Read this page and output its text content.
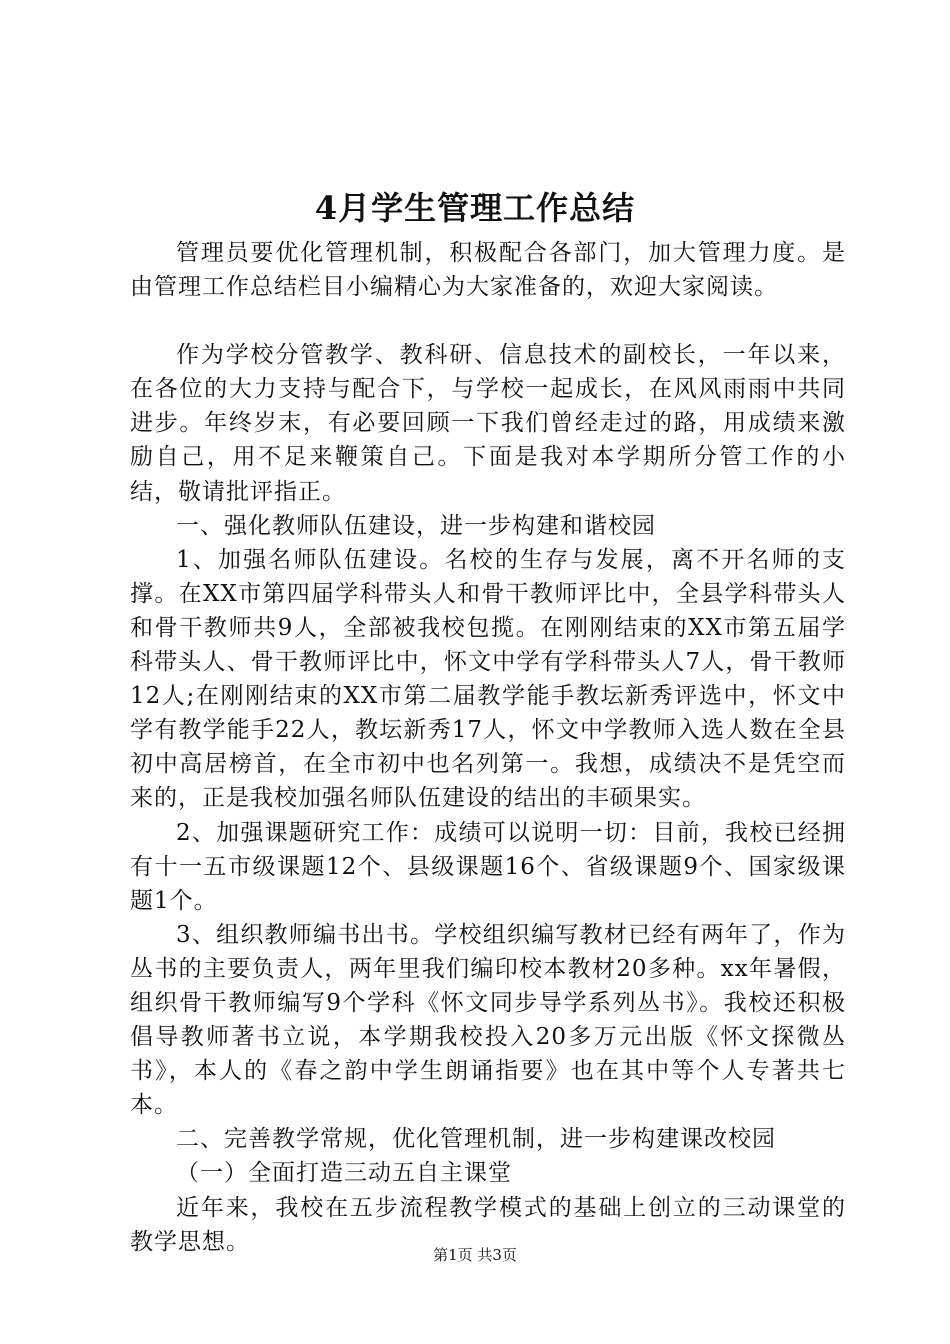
4月学生管理工作总结

管理员要优化管理机制，积极配合各部门，加大管理力度。是由管理工作总结栏目小编精心为大家准备的，欢迎大家阅读。

作为学校分管教学、教科研、信息技术的副校长，一年以来，在各位的大力支持与配合下，与学校一起成长，在风风雨雨中共同进步。年终岁末，有必要回顾一下我们曾经走过的路，用成绩来激励自己，用不足来鞭策自己。下面是我对本学期所分管工作的小结，敬请批评指正。

一、强化教师队伍建设，进一步构建和谐校园

1、加强名师队伍建设。名校的生存与发展，离不开名师的支撑。在XX市第四届学科带头人和骨干教师评比中，全县学科带头人和骨干教师共9人，全部被我校包揽。在刚刚结束的XX市第五届学科带头人、骨干教师评比中，怀文中学有学科带头人7人，骨干教师12人;在刚刚结束的XX市第二届教学能手教坛新秀评选中，怀文中学有教学能手22人，教坛新秀17人，怀文中学教师入选人数在全县初中高居榜首，在全市初中也名列第一。我想，成绩决不是凭空而来的，正是我校加强名师队伍建设的结出的丰硕果实。

2、加强课题研究工作：成绩可以说明一切：目前，我校已经拥有十一五市级课题12个、县级课题16个、省级课题9个、国家级课题1个。

3、组织教师编书出书。学校组织编写教材已经有两年了，作为丛书的主要负责人，两年里我们编印校本教材20多种。xx年暑假，组织骨干教师编写9个学科《怀文同步导学系列丛书》。我校还积极倡导教师著书立说，本学期我校投入20多万元出版《怀文探微丛书》，本人的《春之韵中学生朗诵指要》也在其中等个人专著共七本。

二、完善教学常规，优化管理机制，进一步构建课改校园

（一）全面打造三动五自主课堂

近年来，我校在五步流程教学模式的基础上创立的三动课堂的教学思想。

第1页 共3页
